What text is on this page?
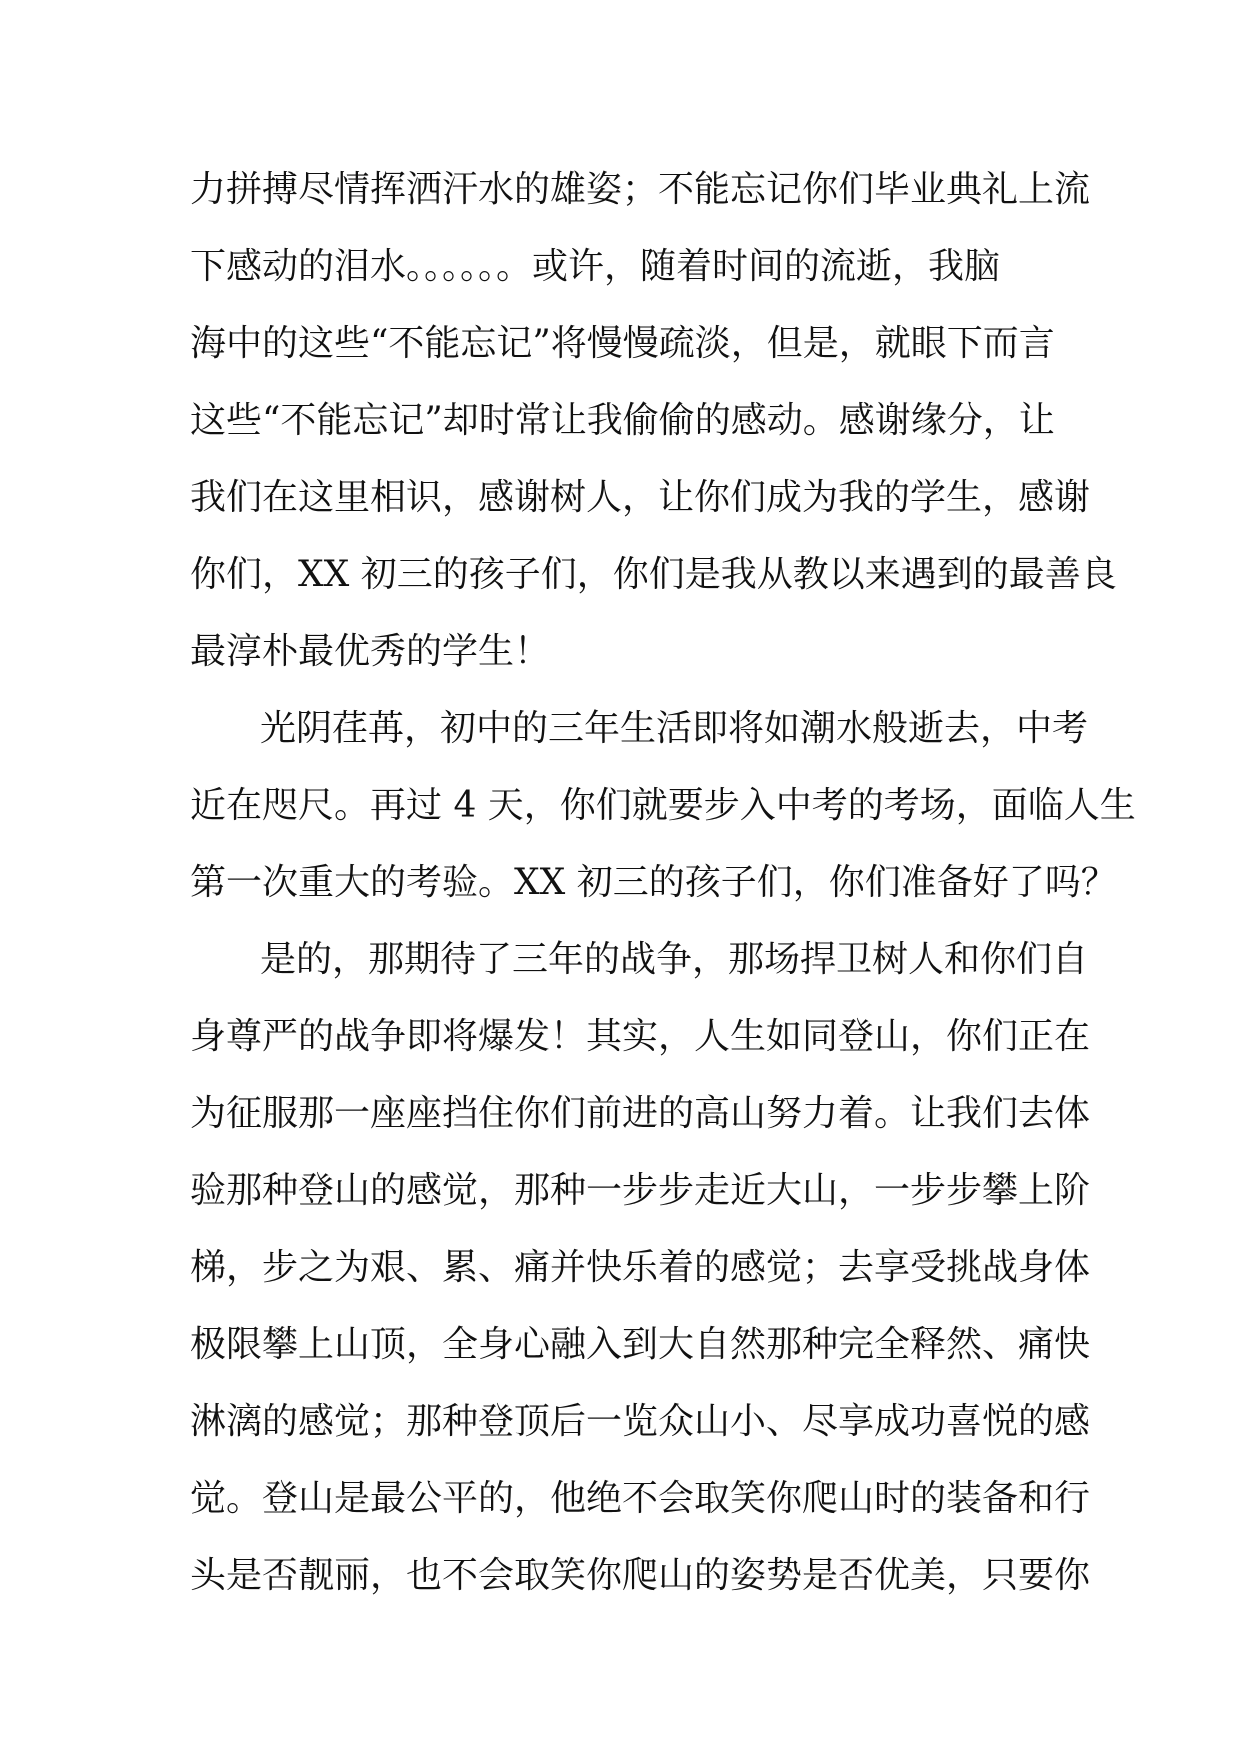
力拼搏尽情挥洒汗水的雄姿；不能忘记你们毕业典礼上流
下感动的泪水。。。。。。或许，随着时间的流逝，我脑
海中的这些“不能忘记”将慢慢疏淡，但是，就眼下而言
这些“不能忘记”却时常让我偷偷的感动。感谢缘分，让
我们在这里相识，感谢树人，让你们成为我的学生，感谢
你们，XX 初三的孩子们，你们是我从教以来遇到的最善良
最淳朴最优秀的学生！
光阴荏苒，初中的三年生活即将如潮水般逝去，中考
近在咫尺。再过 4 天，你们就要步入中考的考场，面临人生
第一次重大的考验。XX 初三的孩子们，你们准备好了吗？
是的，那期待了三年的战争，那场捍卫树人和你们自
身尊严的战争即将爆发！其实，人生如同登山，你们正在
为征服那一座座挡住你们前进的高山努力着。让我们去体
验那种登山的感觉，那种一步步走近大山，一步步攀上阶
梯，步之为艰、累、痛并快乐着的感觉；去享受挑战身体
极限攀上山顶，全身心融入到大自然那种完全释然、痛快
淋漓的感觉；那种登顶后一览众山小、尽享成功喜悦的感
觉。登山是最公平的，他绝不会取笑你爬山时的装备和行
头是否靓丽，也不会取笑你爬山的姿势是否优美，只要你
